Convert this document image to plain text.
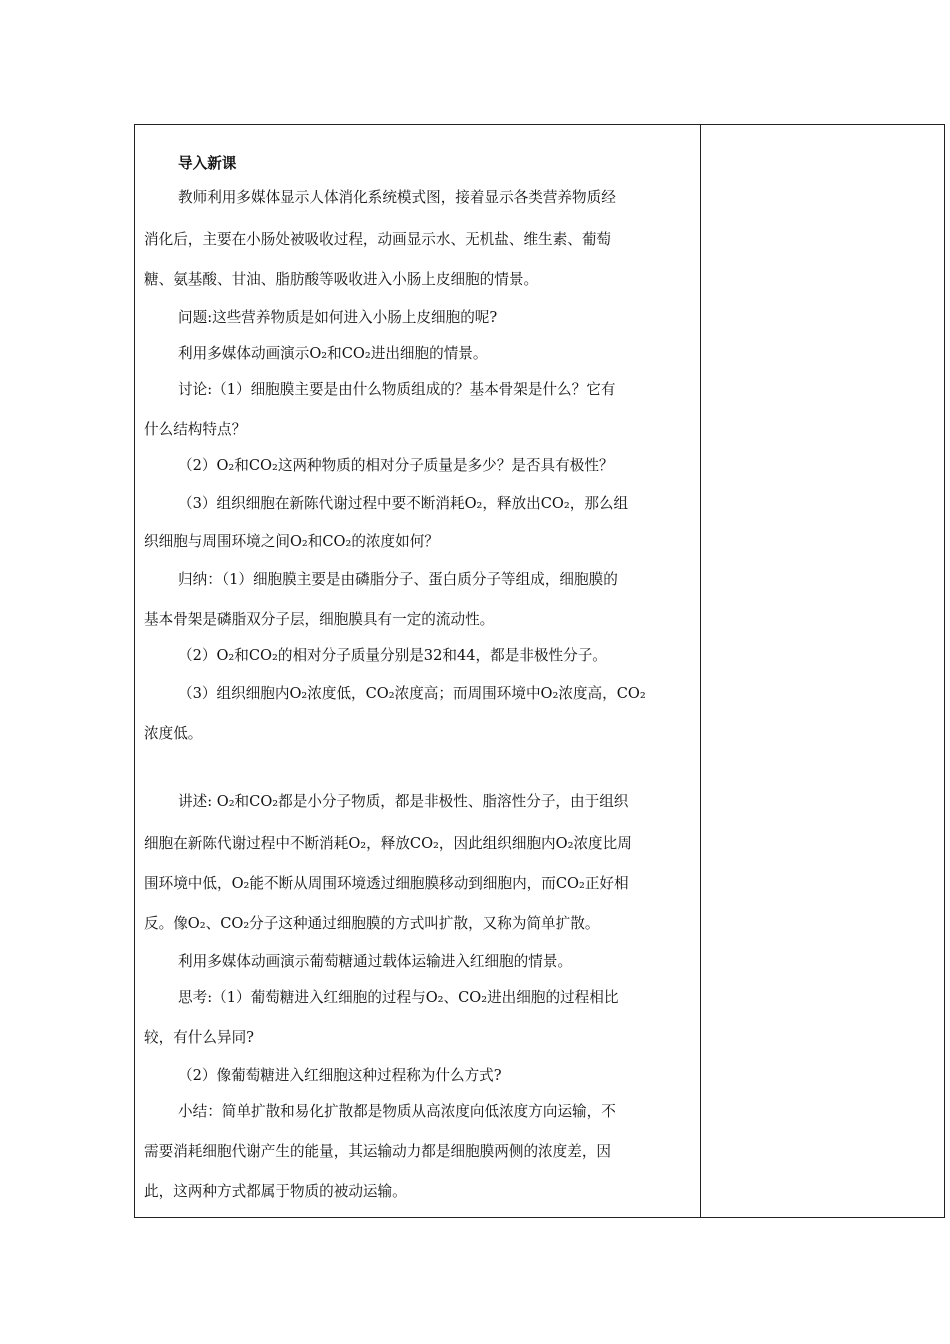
导入新课
教师利用多媒体显示人体消化系统模式图，接着显示各类营养物质经
消化后，主要在小肠处被吸收过程，动画显示水、无机盐、维生素、葡萄
糖、氨基酸、甘油、脂肪酸等吸收进入小肠上皮细胞的情景。
问题:这些营养物质是如何进入小肠上皮细胞的呢?
利用多媒体动画演示O₂和CO₂进出细胞的情景。
讨论:（1）细胞膜主要是由什么物质组成的？基本骨架是什么？它有
什么结构特点？
（2）O₂和CO₂这两种物质的相对分子质量是多少？是否具有极性？
（3）组织细胞在新陈代谢过程中要不断消耗O₂，释放出CO₂，那么组
织细胞与周围环境之间O₂和CO₂的浓度如何？
归纳：（1）细胞膜主要是由磷脂分子、蛋白质分子等组成，细胞膜的
基本骨架是磷脂双分子层，细胞膜具有一定的流动性。
（2）O₂和CO₂的相对分子质量分别是32和44，都是非极性分子。
（3）组织细胞内O₂浓度低，CO₂浓度高；而周围环境中O₂浓度高，CO₂
浓度低。
讲述: O₂和CO₂都是小分子物质，都是非极性、脂溶性分子，由于组织
细胞在新陈代谢过程中不断消耗O₂，释放CO₂，因此组织细胞内O₂浓度比周
围环境中低，O₂能不断从周围环境透过细胞膜移动到细胞内，而CO₂正好相
反。像O₂、CO₂分子这种通过细胞膜的方式叫扩散，又称为简单扩散。
利用多媒体动画演示葡萄糖通过载体运输进入红细胞的情景。
思考:（1）葡萄糖进入红细胞的过程与O₂、CO₂进出细胞的过程相比
较，有什么异同?
（2）像葡萄糖进入红细胞这种过程称为什么方式?
小结：简单扩散和易化扩散都是物质从高浓度向低浓度方向运输，不
需要消耗细胞代谢产生的能量，其运输动力都是细胞膜两侧的浓度差，因
此，这两种方式都属于物质的被动运输。
